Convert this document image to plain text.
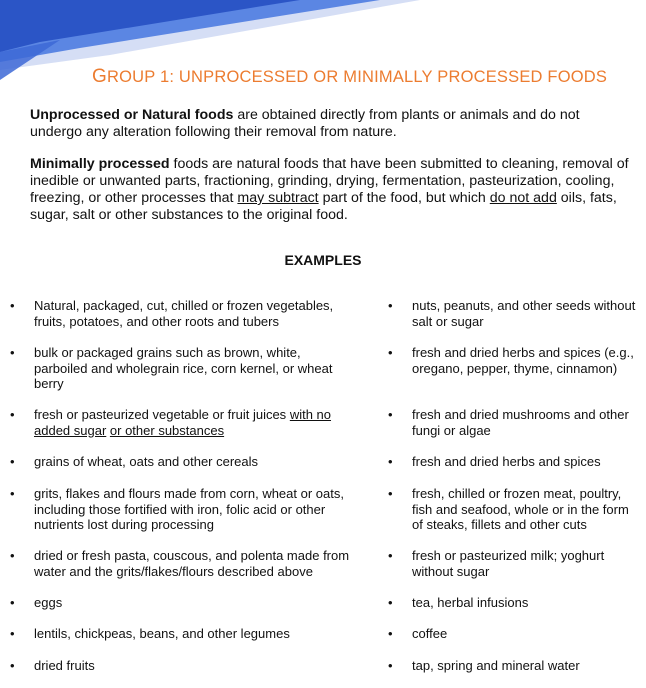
GROUP 1: UNPROCESSED OR MINIMALLY PROCESSED FOODS

Unprocessed or Natural foods are obtained directly from plants or animals and do not undergo any alteration following their removal from nature.

Minimally processed foods are natural foods that have been submitted to cleaning, removal of inedible or unwanted parts, fractioning, grinding, drying, fermentation, pasteurization, cooling, freezing, or other processes that may subtract part of the food, but which do not add oils, fats, sugar, salt or other substances to the original food.

EXAMPLES
• Natural, packaged, cut, chilled or frozen vegetables, fruits, potatoes, and other roots and tubers

• bulk or packaged grains such as brown, white, parboiled and wholegrain rice, corn kernel, or wheat berry

• fresh or pasteurized vegetable or fruit juices with no added sugar or other substances

• grains of wheat, oats and other cereals

• grits, flakes and flours made from corn, wheat or oats, including those fortified with iron, folic acid or other nutrients lost during processing

• dried or fresh pasta, couscous, and polenta made from water and the grits/flakes/flours described above

• eggs

• lentils, chickpeas, beans, and other legumes

• dried fruits

• nuts, peanuts, and other seeds without salt or sugar

• fresh and dried herbs and spices (e.g., oregano, pepper, thyme, cinnamon)

• fresh and dried mushrooms and other fungi or algae

• fresh and dried herbs and spices

• fresh, chilled or frozen meat, poultry, fish and seafood, whole or in the form of steaks, fillets and other cuts

• fresh or pasteurized milk; yoghurt without sugar

• tea, herbal infusions

• coffee

• tap, spring and mineral water
